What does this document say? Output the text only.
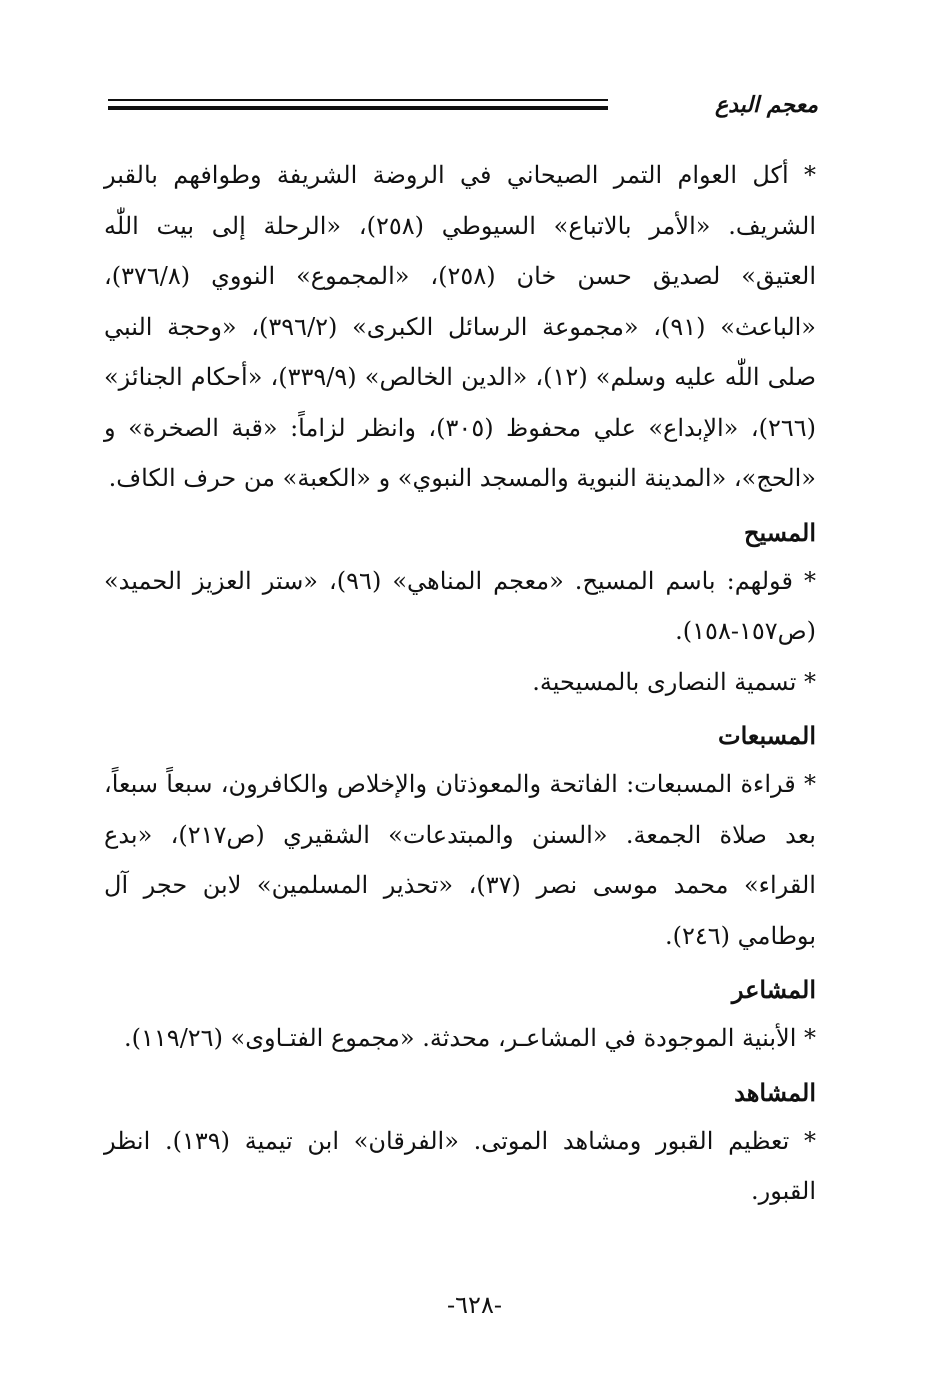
معجم البدع

* أكل العوام التمر الصيحاني في الروضة الشريفة وطوافهم بالقبر الشريف. «الأمر بالاتباع» السيوطي (٢٥٨)، «الرحلة إلى بيت اللّٰه العتيق» لصديق حسن خان (٢٥٨)، «المجموع» النووي (٣٧٦/٨)، «الباعث» (٩١)، «مجموعة الرسائل الكبرى» (٣٩٦/٢)، «وحجة النبي صلى اللّٰه عليه وسلم» (١٢)، «الدين الخالص» (٣٣٩/٩)، «أحكام الجنائز» (٢٦٦)، «الإبداع» علي محفوظ (٣٠٥)، وانظر لزاماً: «قبة الصخرة» و «الحج»، «المدينة النبوية والمسجد النبوي» و «الكعبة» من حرف الكاف.

المسيح

* قولهم: باسم المسيح. «معجم المناهي» (٩٦)، «ستر العزيز الحميد» (ص١٥٧-١٥٨).

* تسمية النصارى بالمسيحية.

المسبعات

* قراءة المسبعات: الفاتحة والمعوذتان والإخلاص والكافرون، سبعاً سبعاً، بعد صلاة الجمعة. «السنن والمبتدعات» الشقيري (ص٢١٧)، «بدع القراء» محمد موسى نصر (٣٧)، «تحذير المسلمين» لابن حجر آل بوطامي (٢٤٦).

المشاعر

* الأبنية الموجودة في المشاعـر، محدثة. «مجموع الفتـاوى» (١١٩/٢٦).

المشاهد

* تعظيم القبور ومشاهد الموتى. «الفرقان» ابن تيمية (١٣٩). انظر القبور.

-٦٢٨-
